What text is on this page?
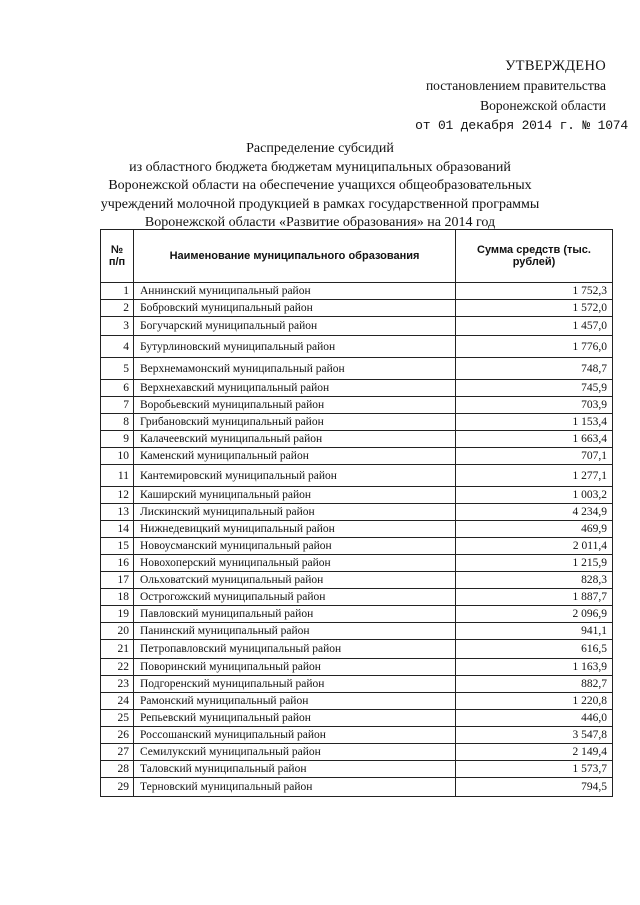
УТВЕРЖДЕНО
постановлением правительства
Воронежской области
от 01 декабря 2014 г. № 1074
Распределение субсидий
из областного бюджета бюджетам муниципальных образований
Воронежской области на обеспечение учащихся общеобразовательных
учреждений молочной продукцией в рамках государственной программы
Воронежской области «Развитие образования» на 2014 год
№ п/п	Наименование муниципального образования	Сумма средств (тыс. рублей)
1	Аннинский муниципальный район	1 752,3
2	Бобровский муниципальный район	1 572,0
3	Богучарский муниципальный район	1 457,0
4	Бутурлиновский муниципальный район	1 776,0
5	Верхнемамонский муниципальный район	748,7
6	Верхнехавский муниципальный район	745,9
7	Воробьевский муниципальный район	703,9
8	Грибановский муниципальный район	1 153,4
9	Калачеевский муниципальный район	1 663,4
10	Каменский муниципальный район	707,1
11	Кантемировский муниципальный район	1 277,1
12	Каширский муниципальный район	1 003,2
13	Лискинский муниципальный район	4 234,9
14	Нижнедевицкий муниципальный район	469,9
15	Новоусманский муниципальный район	2 011,4
16	Новохоперский муниципальный район	1 215,9
17	Ольховатский муниципальный район	828,3
18	Острогожский муниципальный район	1 887,7
19	Павловский муниципальный район	2 096,9
20	Панинский муниципальный район	941,1
21	Петропавловский муниципальный район	616,5
22	Поворинский муниципальный район	1 163,9
23	Подгоренский муниципальный район	882,7
24	Рамонский муниципальный район	1 220,8
25	Репьевский муниципальный район	446,0
26	Россошанский муниципальный район	3 547,8
27	Семилукский муниципальный район	2 149,4
28	Таловский муниципальный район	1 573,7
29	Терновский муниципальный район	794,5
